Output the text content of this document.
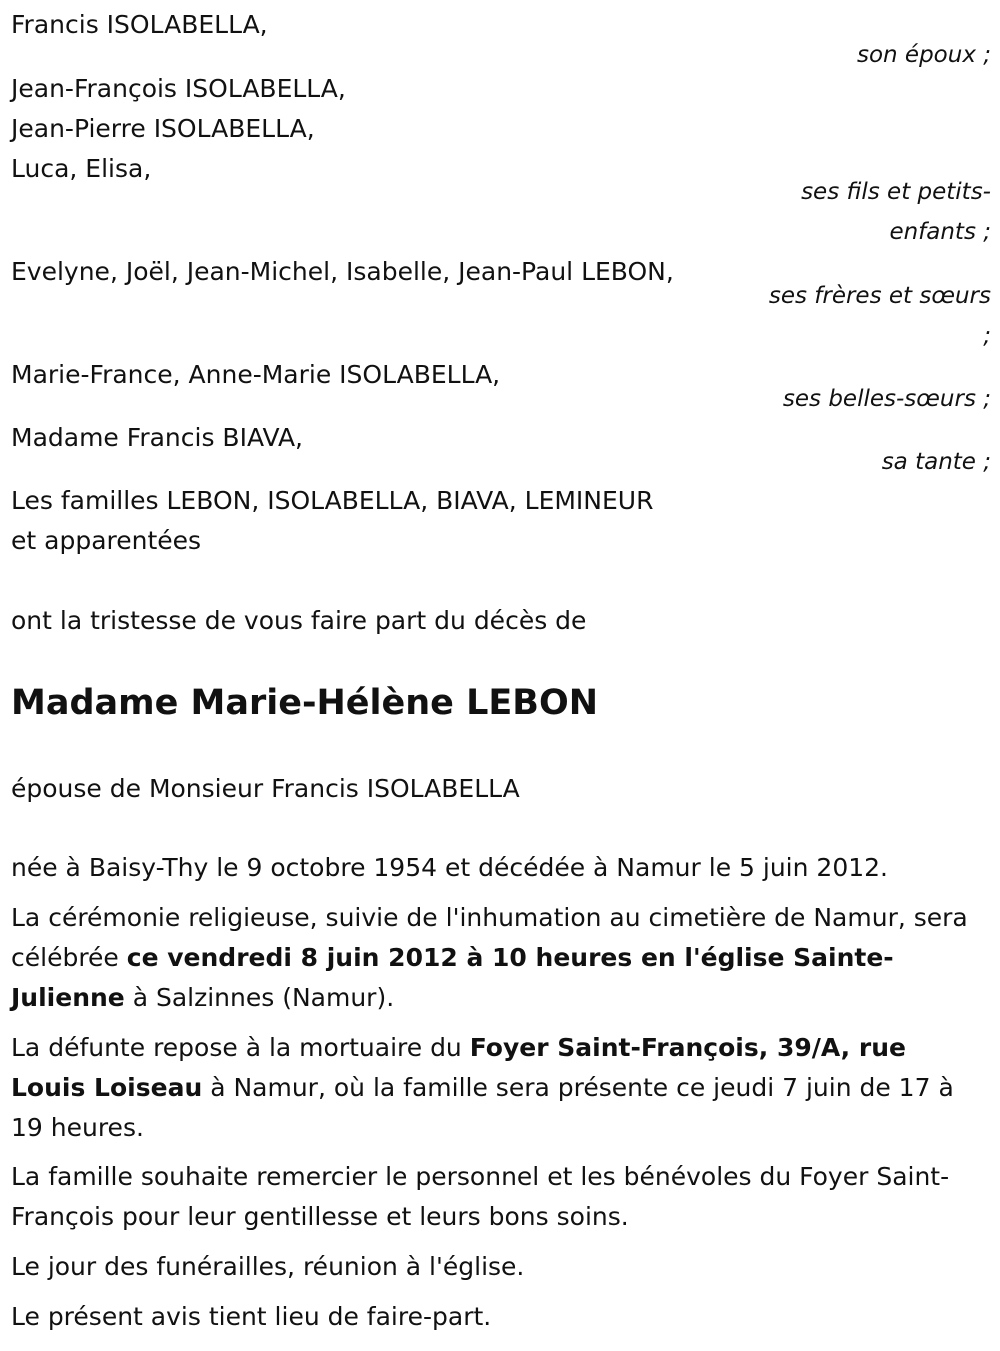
Francis ISOLABELLA,
son époux ;
Jean-François ISOLABELLA,
Jean-Pierre ISOLABELLA,
Luca, Elisa,
ses fils et petits-
enfants ;
Evelyne, Joël, Jean-Michel, Isabelle, Jean-Paul LEBON,
ses frères et sœurs
;
Marie-France, Anne-Marie ISOLABELLA,
ses belles-sœurs ;
Madame Francis BIAVA,
sa tante ;
Les familles LEBON, ISOLABELLA, BIAVA, LEMINEUR
et apparentées
ont la tristesse de vous faire part du décès de
Madame Marie-Hélène LEBON
épouse de Monsieur Francis ISOLABELLA
née à Baisy-Thy le 9 octobre 1954 et décédée à Namur le 5 juin 2012.
La cérémonie religieuse, suivie de l'inhumation au cimetière de Namur, sera célébrée ce vendredi 8 juin 2012 à 10 heures en l'église Sainte-Julienne à Salzinnes (Namur).
La défunte repose à la mortuaire du Foyer Saint-François, 39/A, rue Louis Loiseau à Namur, où la famille sera présente ce jeudi 7 juin de 17 à 19 heures.
La famille souhaite remercier le personnel et les bénévoles du Foyer Saint-François pour leur gentillesse et leurs bons soins.
Le jour des funérailles, réunion à l'église.
Le présent avis tient lieu de faire-part.
